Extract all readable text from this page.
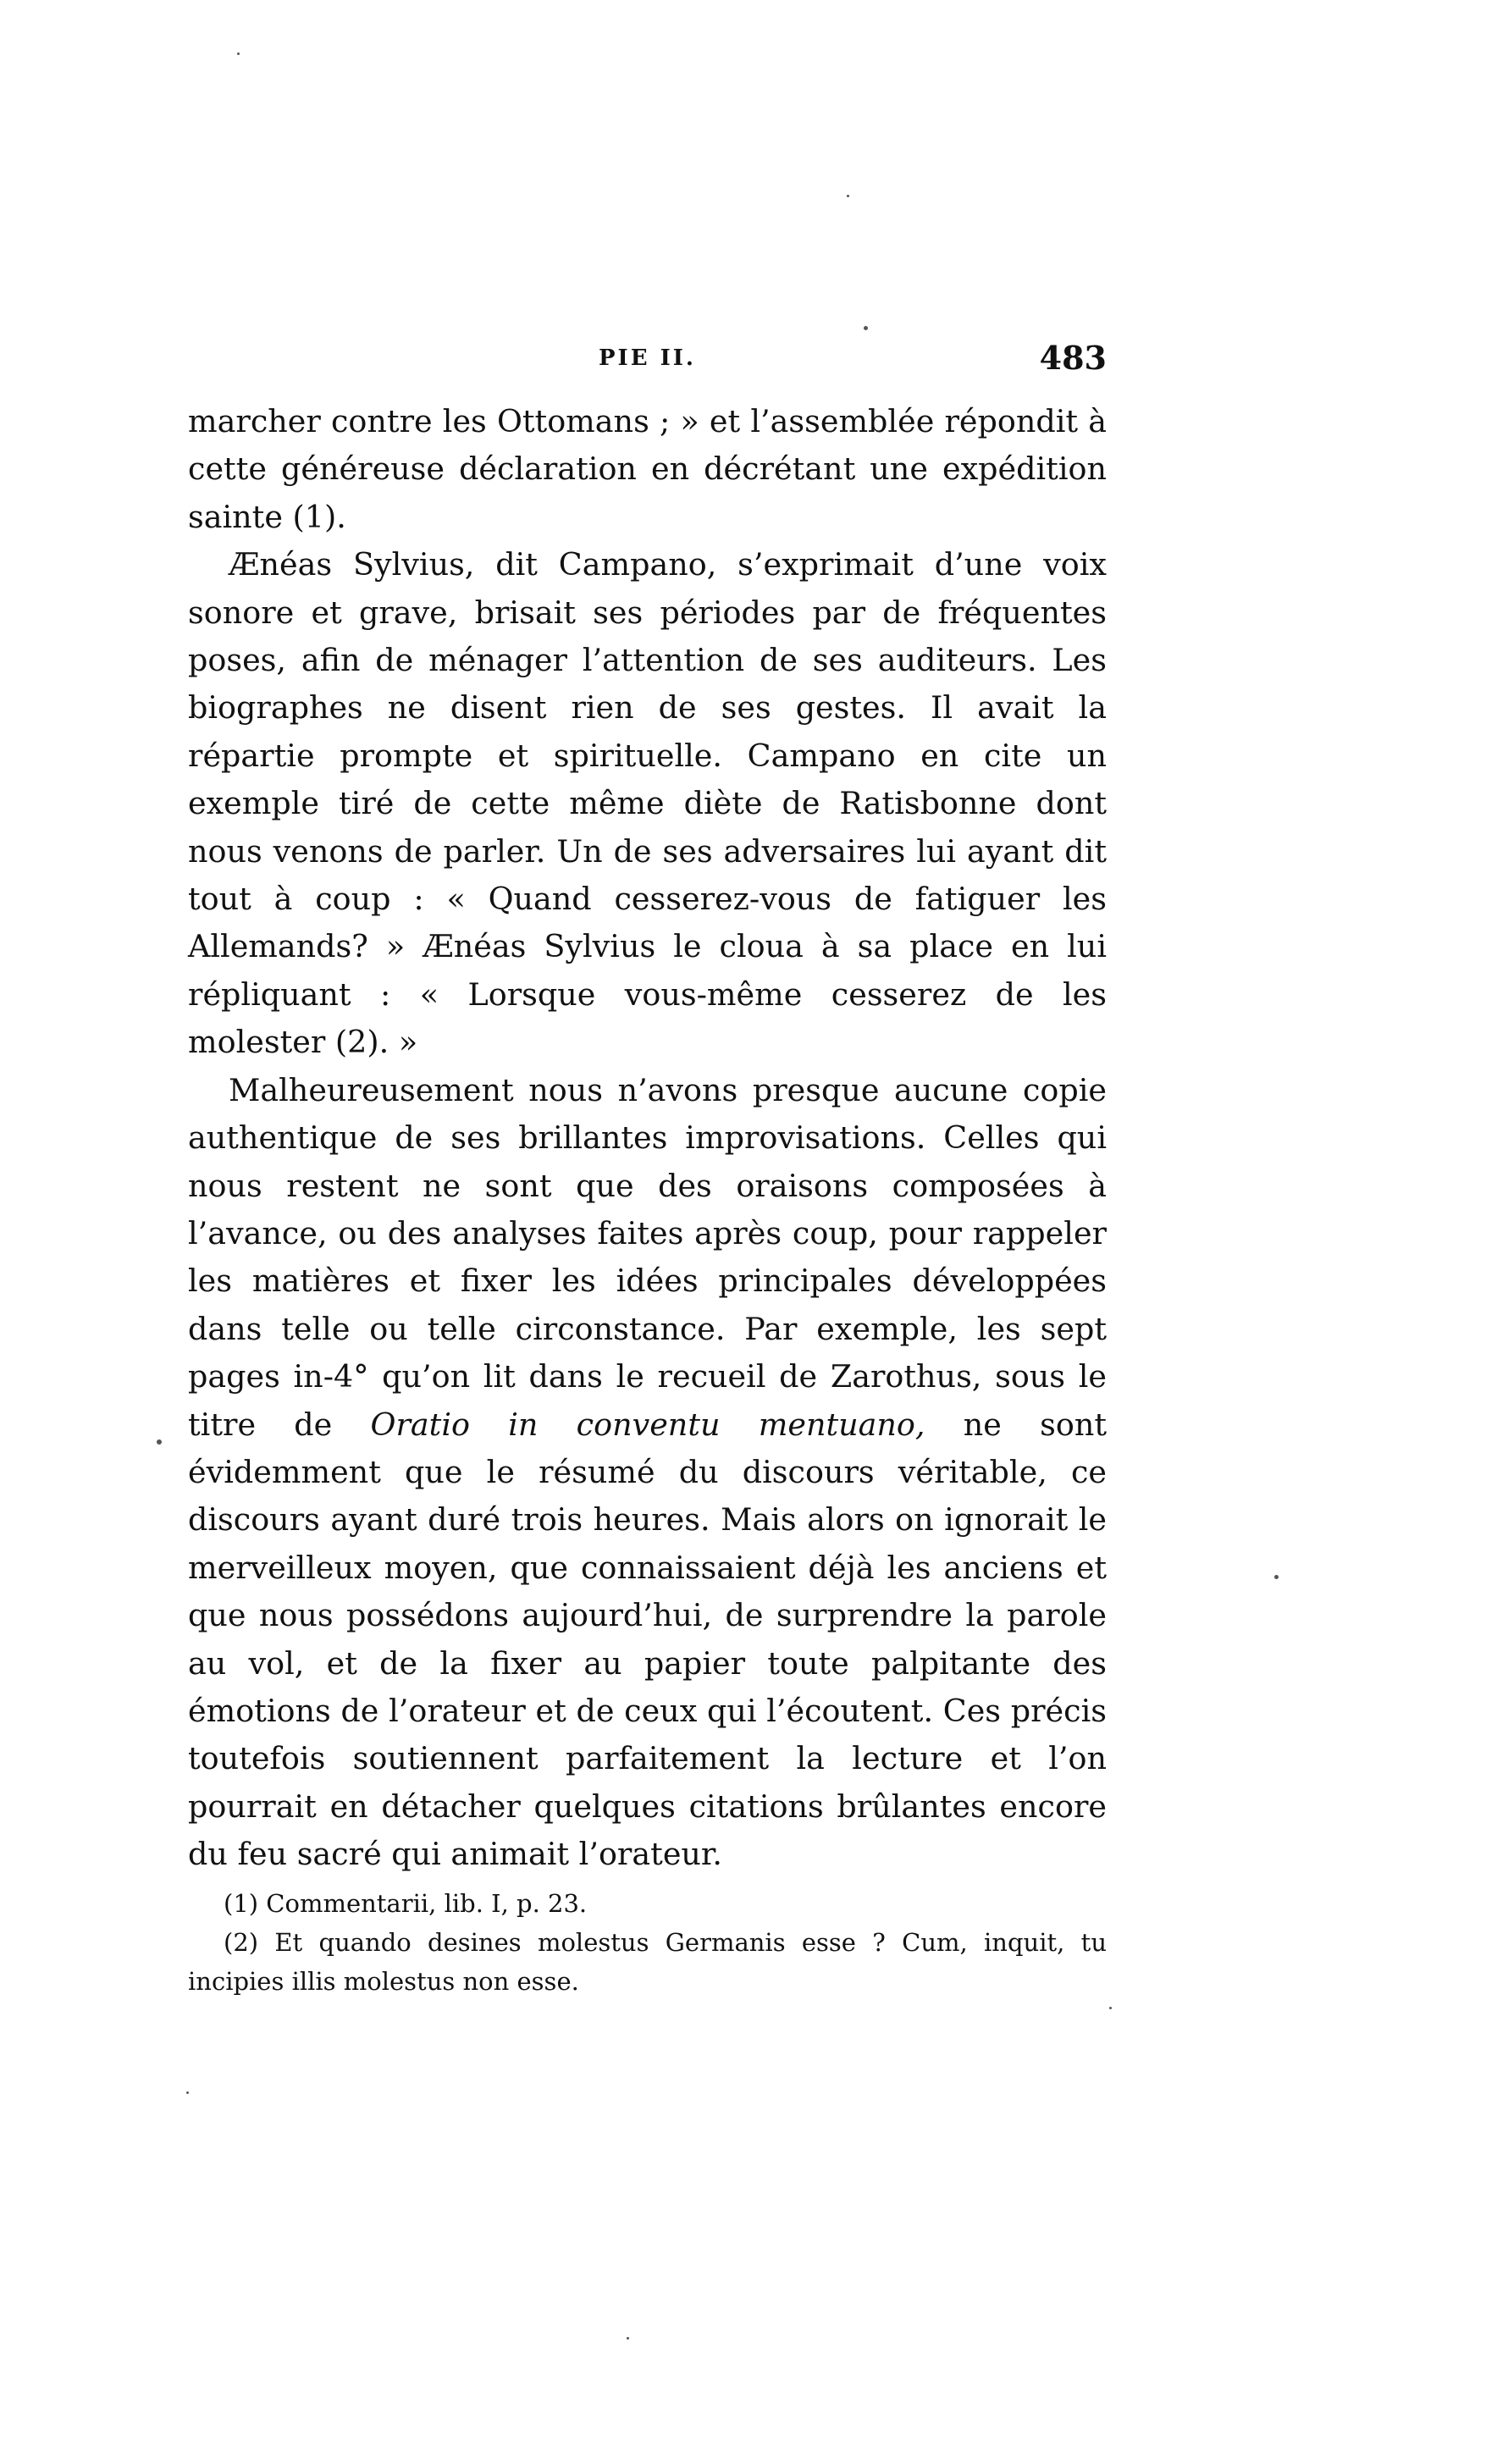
PIE II.	483

marcher contre les Ottomans ; » et l’assemblée répondit à cette généreuse déclaration en décrétant une expédition sainte (1).

Ænéas Sylvius, dit Campano, s’exprimait d’une voix sonore et grave, brisait ses périodes par de fréquentes poses, afin de ménager l’attention de ses auditeurs. Les biographes ne disent rien de ses gestes. Il avait la répartie prompte et spirituelle. Campano en cite un exemple tiré de cette même diète de Ratisbonne dont nous venons de parler. Un de ses adversaires lui ayant dit tout à coup : « Quand cesserez-vous de fatiguer les Allemands? » Ænéas Sylvius le cloua à sa place en lui répliquant : « Lorsque vous-même cesserez de les molester (2). »

Malheureusement nous n’avons presque aucune copie authentique de ses brillantes improvisations. Celles qui nous restent ne sont que des oraisons composées à l’avance, ou des analyses faites après coup, pour rappeler les matières et fixer les idées principales développées dans telle ou telle circonstance. Par exemple, les sept pages in-4° qu’on lit dans le recueil de Zarothus, sous le titre de Oratio in conventu mentuano, ne sont évidemment que le résumé du discours véritable, ce discours ayant duré trois heures. Mais alors on ignorait le merveilleux moyen, que connaissaient déjà les anciens et que nous possédons aujourd’hui, de surprendre la parole au vol, et de la fixer au papier toute palpitante des émotions de l’orateur et de ceux qui l’écoutent. Ces précis toutefois soutiennent parfaitement la lecture et l’on pourrait en détacher quelques citations brûlantes encore du feu sacré qui animait l’orateur.

(1) Commentarii, lib. I, p. 23.

(2) Et quando desines molestus Germanis esse ? Cum, inquit, tu incipies illis molestus non esse.
